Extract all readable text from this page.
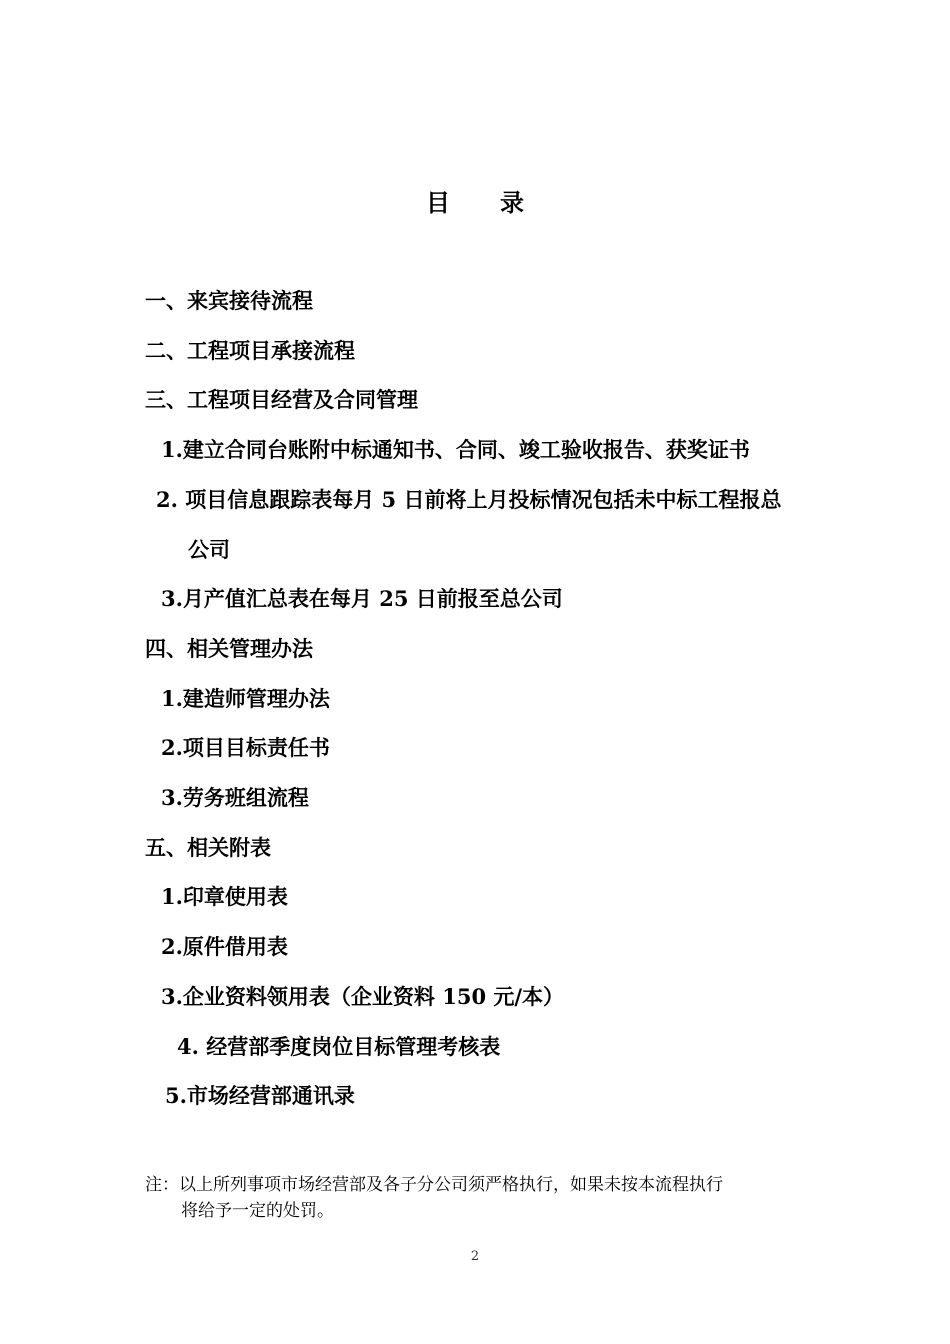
目 录
一、来宾接待流程
二、工程项目承接流程
三、工程项目经营及合同管理
1.建立合同台账附中标通知书、合同、竣工验收报告、获奖证书
2. 项目信息跟踪表每月 5 日前将上月投标情况包括未中标工程报总
公司
3.月产值汇总表在每月 25 日前报至总公司
四、相关管理办法
1.建造师管理办法
2.项目目标责任书
3.劳务班组流程
五、相关附表
1.印章使用表
2.原件借用表
3.企业资料领用表（企业资料 150 元/本）
4. 经营部季度岗位目标管理考核表
5.市场经营部通讯录
注：以上所列事项市场经营部及各子分公司须严格执行，如果未按本流程执行
将给予一定的处罚。
2
